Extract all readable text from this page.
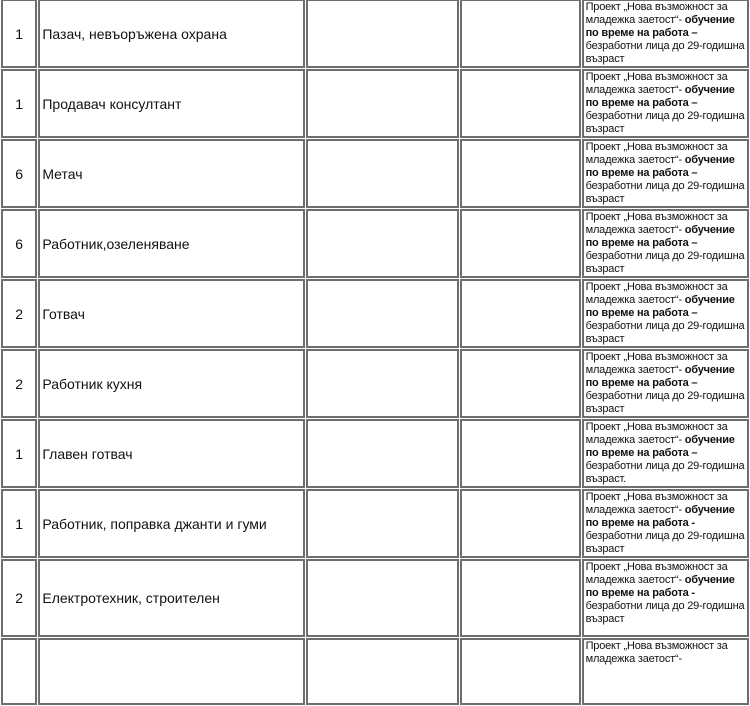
1	Пазач, невъоръжена охрана			Проект „Нова възможност за младежка заетост“- обучение по време на работа – безработни лица до 29-годишна възраст
1	Продавач консултант			Проект „Нова възможност за младежка заетост“- обучение по време на работа – безработни лица до 29-годишна възраст
6	Метач			Проект „Нова възможност за младежка заетост“- обучение по време на работа – безработни лица до 29-годишна възраст
6	Работник,озеленяване			Проект „Нова възможност за младежка заетост“- обучение по време на работа – безработни лица до 29-годишна възраст
2	Готвач			Проект „Нова възможност за младежка заетост“- обучение по време на работа – безработни лица до 29-годишна възраст
2	Работник кухня			Проект „Нова възможност за младежка заетост“- обучение по време на работа – безработни лица до 29-годишна възраст
1	Главен готвач			Проект „Нова възможност за младежка заетост“- обучение по време на работа – безработни лица до 29-годишна възраст.
1	Работник, поправка джанти и гуми			Проект „Нова възможност за младежка заетост“- обучение по време на работа - безработни лица до 29-годишна възраст
2	Електротехник, строителен			Проект „Нова възможност за младежка заетост“- обучение по време на работа - безработни лица до 29-годишна възраст
				Проект „Нова възможност за младежка заетост“-
